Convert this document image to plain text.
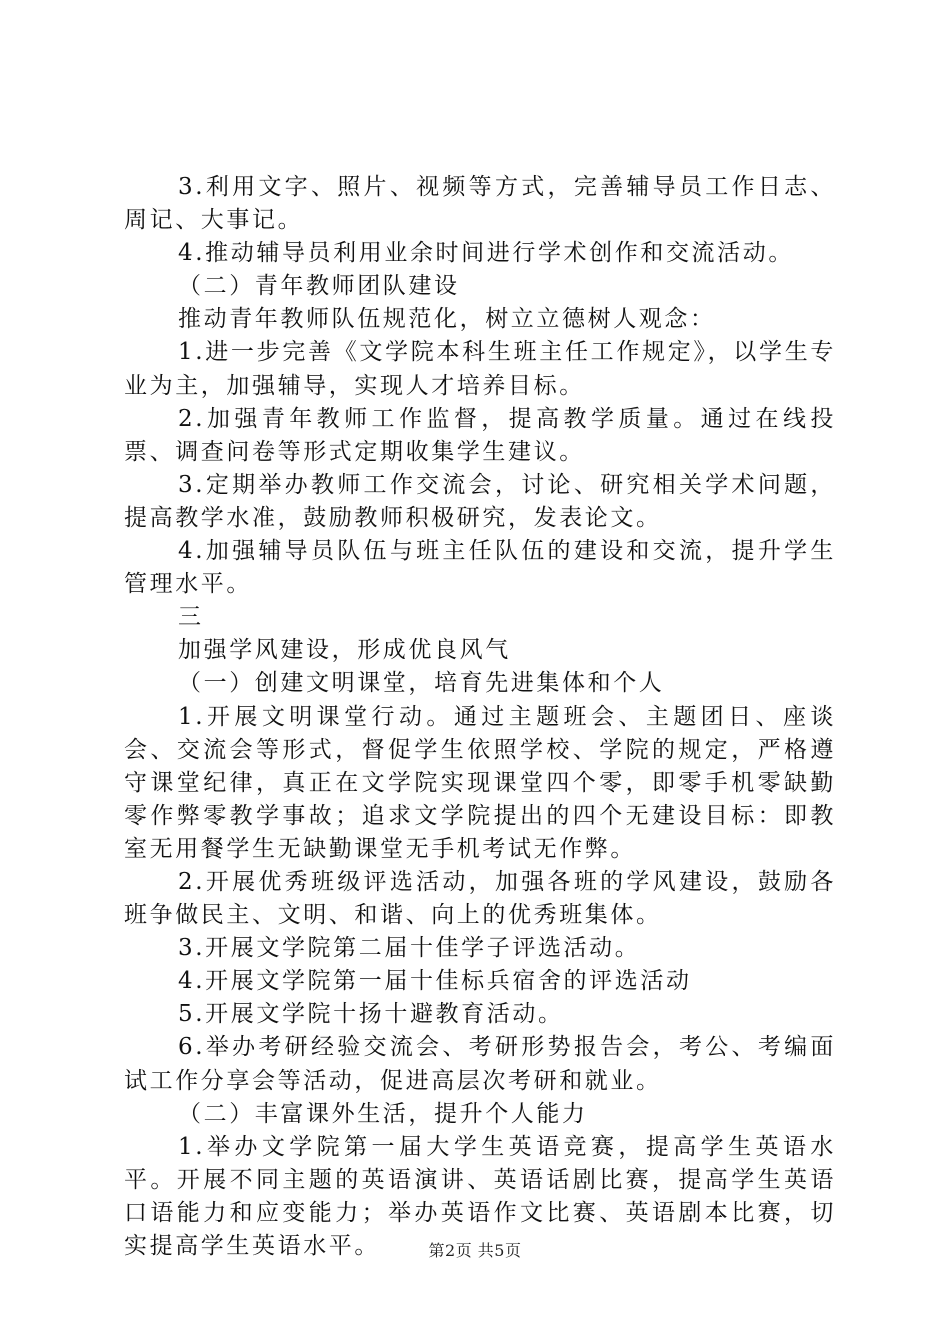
3.利用文字、照片、视频等方式，完善辅导员工作日志、周记、大事记。

4.推动辅导员利用业余时间进行学术创作和交流活动。

（二）青年教师团队建设

推动青年教师队伍规范化，树立立德树人观念：

1.进一步完善《文学院本科生班主任工作规定》，以学生专业为主，加强辅导，实现人才培养目标。

2.加强青年教师工作监督，提高教学质量。通过在线投票、调查问卷等形式定期收集学生建议。

3.定期举办教师工作交流会，讨论、研究相关学术问题，提高教学水准，鼓励教师积极研究，发表论文。

4.加强辅导员队伍与班主任队伍的建设和交流，提升学生管理水平。

三

加强学风建设，形成优良风气

（一）创建文明课堂，培育先进集体和个人

1.开展文明课堂行动。通过主题班会、主题团日、座谈会、交流会等形式，督促学生依照学校、学院的规定，严格遵守课堂纪律，真正在文学院实现课堂四个零，即零手机零缺勤零作弊零教学事故；追求文学院提出的四个无建设目标：即教室无用餐学生无缺勤课堂无手机考试无作弊。

2.开展优秀班级评选活动，加强各班的学风建设，鼓励各班争做民主、文明、和谐、向上的优秀班集体。

3.开展文学院第二届十佳学子评选活动。

4.开展文学院第一届十佳标兵宿舍的评选活动

5.开展文学院十扬十避教育活动。

6.举办考研经验交流会、考研形势报告会，考公、考编面试工作分享会等活动，促进高层次考研和就业。

（二）丰富课外生活，提升个人能力

1.举办文学院第一届大学生英语竞赛，提高学生英语水平。开展不同主题的英语演讲、英语话剧比赛，提高学生英语口语能力和应变能力；举办英语作文比赛、英语剧本比赛，切实提高学生英语水平。	第2页 共5页
